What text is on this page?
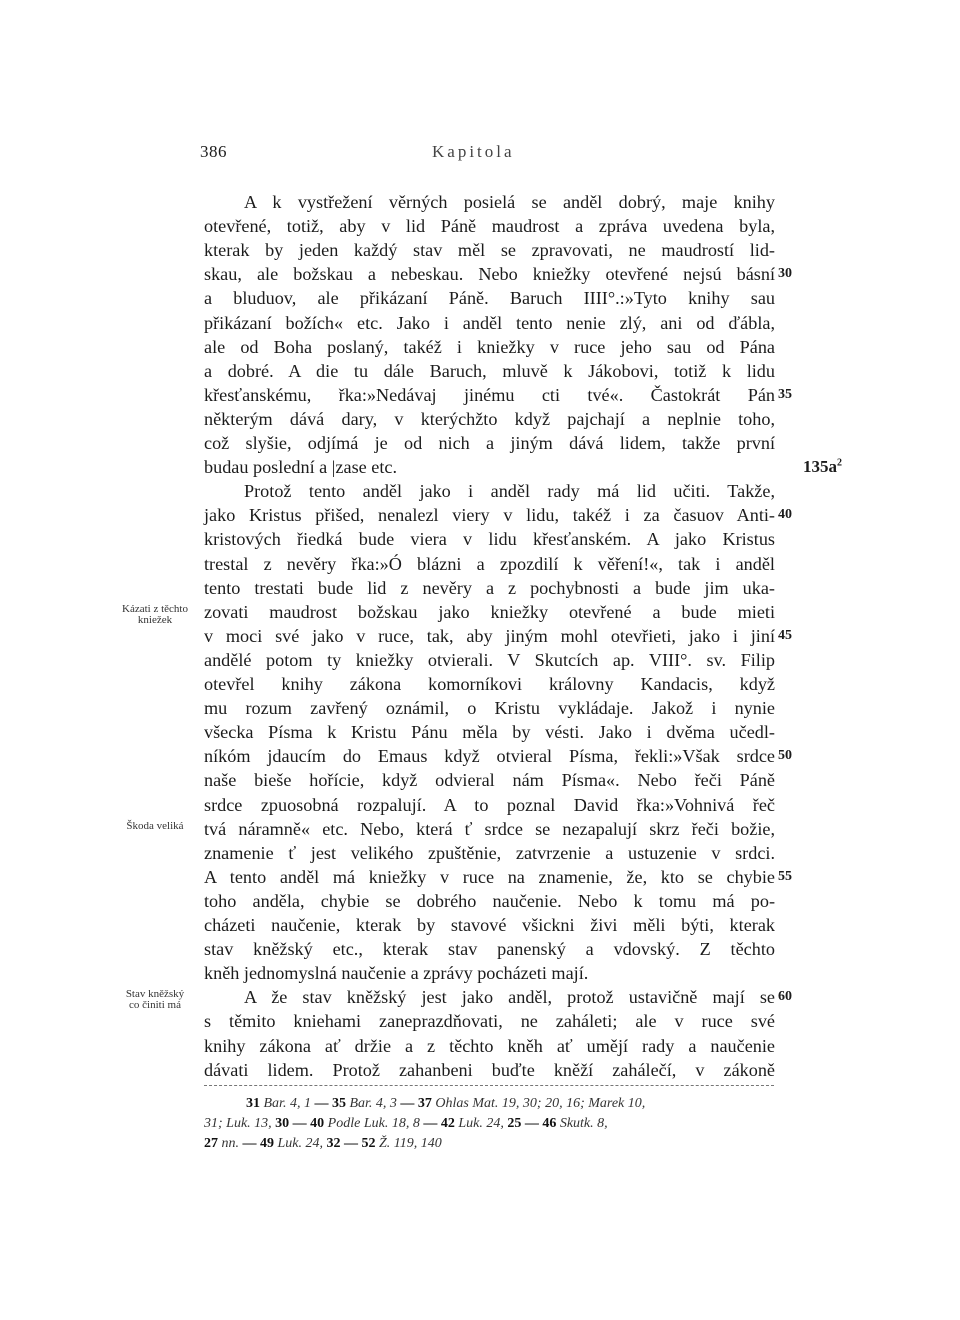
386	Kapitola
A k vystřežení věrných posielá se anděl dobrý, maje knihy
otevřené, totiž, aby v lid Páně maudrost a zpráva uvedena byla,
kterak by jeden každý stav měl se zpravovati, ne maudrostí lid-
skau, ale božskau a nebeskau. Nebo kniežky otevřené nejsú básní
a bluduov, ale přikázaní Páně. Baruch IIII°.:»Tyto knihy sau
přikázaní božích« etc. Jako i anděl tento nenie zlý, ani od ďábla,
ale od Boha poslaný, takéž i kniežky v ruce jeho sau od Pána
a dobré. A die tu dále Baruch, mluvě k Jákobovi, totiž k lidu
křesťanskému, řka:»Nedávaj jinému cti tvé«. Častokrát Pán
některým dává dary, v kterýchžto když pajchají a neplnie toho,
což slyšie, odjímá je od nich a jiným dává lidem, takže první
budau poslední a |zase etc.
Protož tento anděl jako i anděl rady má lid učiti. Takže,
jako Kristus přišed, nenalezl viery v lidu, takéž i za časuov Anti-
kristových řiedká bude viera v lidu křesťanském. A jako Kristus
trestal z nevěry řka:»Ó blázni a zpozdilí k věření!«, tak i anděl
tento trestati bude lid z nevěry a z pochybnosti a bude jim uka-
zovati maudrost božskau jako kniežky otevřené a bude mieti
v moci své jako v ruce, tak, aby jiným mohl otevřieti, jako i jiní
andělé potom ty kniežky otvierali. V Skutcích ap. VIII°. sv. Filip
otevřel knihy zákona komorníkovi královny Kandacis, když
mu rozum zavřený oznámil, o Kristu vykládaje. Jakož i nynie
všecka Písma k Kristu Pánu měla by vésti. Jako i dvěma učedl-
níkóm jdaucím do Emaus když otvieral Písma, řekli:»Však srdce
naše bieše hořície, když odvieral nám Písma«. Nebo řeči Páně
srdce zpuosobná rozpalují. A to poznal David řka:»Vohnivá řeč
tvá náramně« etc. Nebo, která ť srdce se nezapalují skrz řeči božie,
znamenie ť jest velikého zpuštěnie, zatvrzenie a ustuzenie v srdci.
A tento anděl má kniežky v ruce na znamenie, že, kto se chybie
toho anděla, chybie se dobrého naučenie. Nebo k tomu má po-
cházeti naučenie, kterak by stavové všickni živi měli býti, kterak
stav kněžský etc., kterak stav panenský a vdovský. Z těchto
kněh jednomyslná naučenie a zprávy pocházeti mají.
A že stav kněžský jest jako anděl, protož ustavičně mají se
s těmito kniehami zaneprazdňovati, ne zaháleti; ale v ruce své
knihy zákona ať držie a z těchto kněh ať umějí rady a naučenie
dávati lidem. Protož zahanbeni buďte kněží zahálečí, v zákoně
30
35
40
45
50
55
60
Kázati z těchto
kniežek
Škoda veliká
Stav kněžský
co činiti má
$135a^2$
31 Bar. 4, 1 — 35 Bar. 4, 3 — 37 Ohlas Mat. 19, 30; 20, 16; Marek 10,
31; Luk. 13, 30 — 40 Podle Luk. 18, 8 — 42 Luk. 24, 25 — 46 Skutk. 8,
27 nn. — 49 Luk. 24, 32 — 52 Ž. 119, 140
